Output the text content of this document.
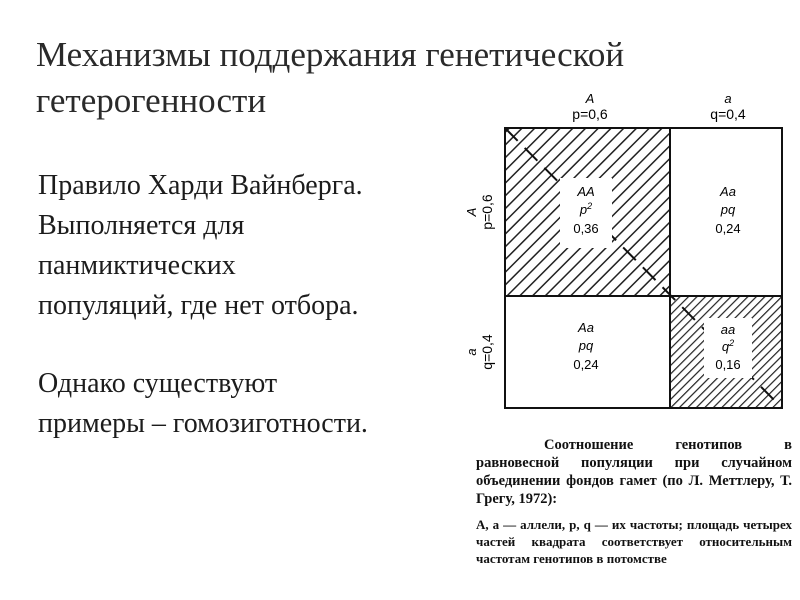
Механизмы поддержания генетической
гетерогенности

Правило Харди Вайнберга.

Выполняется для

панмиктических

популяций, где нет отбора.

Однако существуют

примеры – гомозиготности.

A
p=0,6
a
q=0,4
p=0,6
A
q=0,4
a
AA
$p^2$
0,36
Aa
pq
0,24
Aa
pq
0,24
aa
$q^2$
0,16

Соотношение генотипов в равновесной популяции при случайном объединении фондов гамет (по Л. Меттлеру, Т. Грегу, 1972):

A, a — аллели, p, q — их частоты; площадь четырех частей квадрата соответствует относительным частотам генотипов в потомстве
